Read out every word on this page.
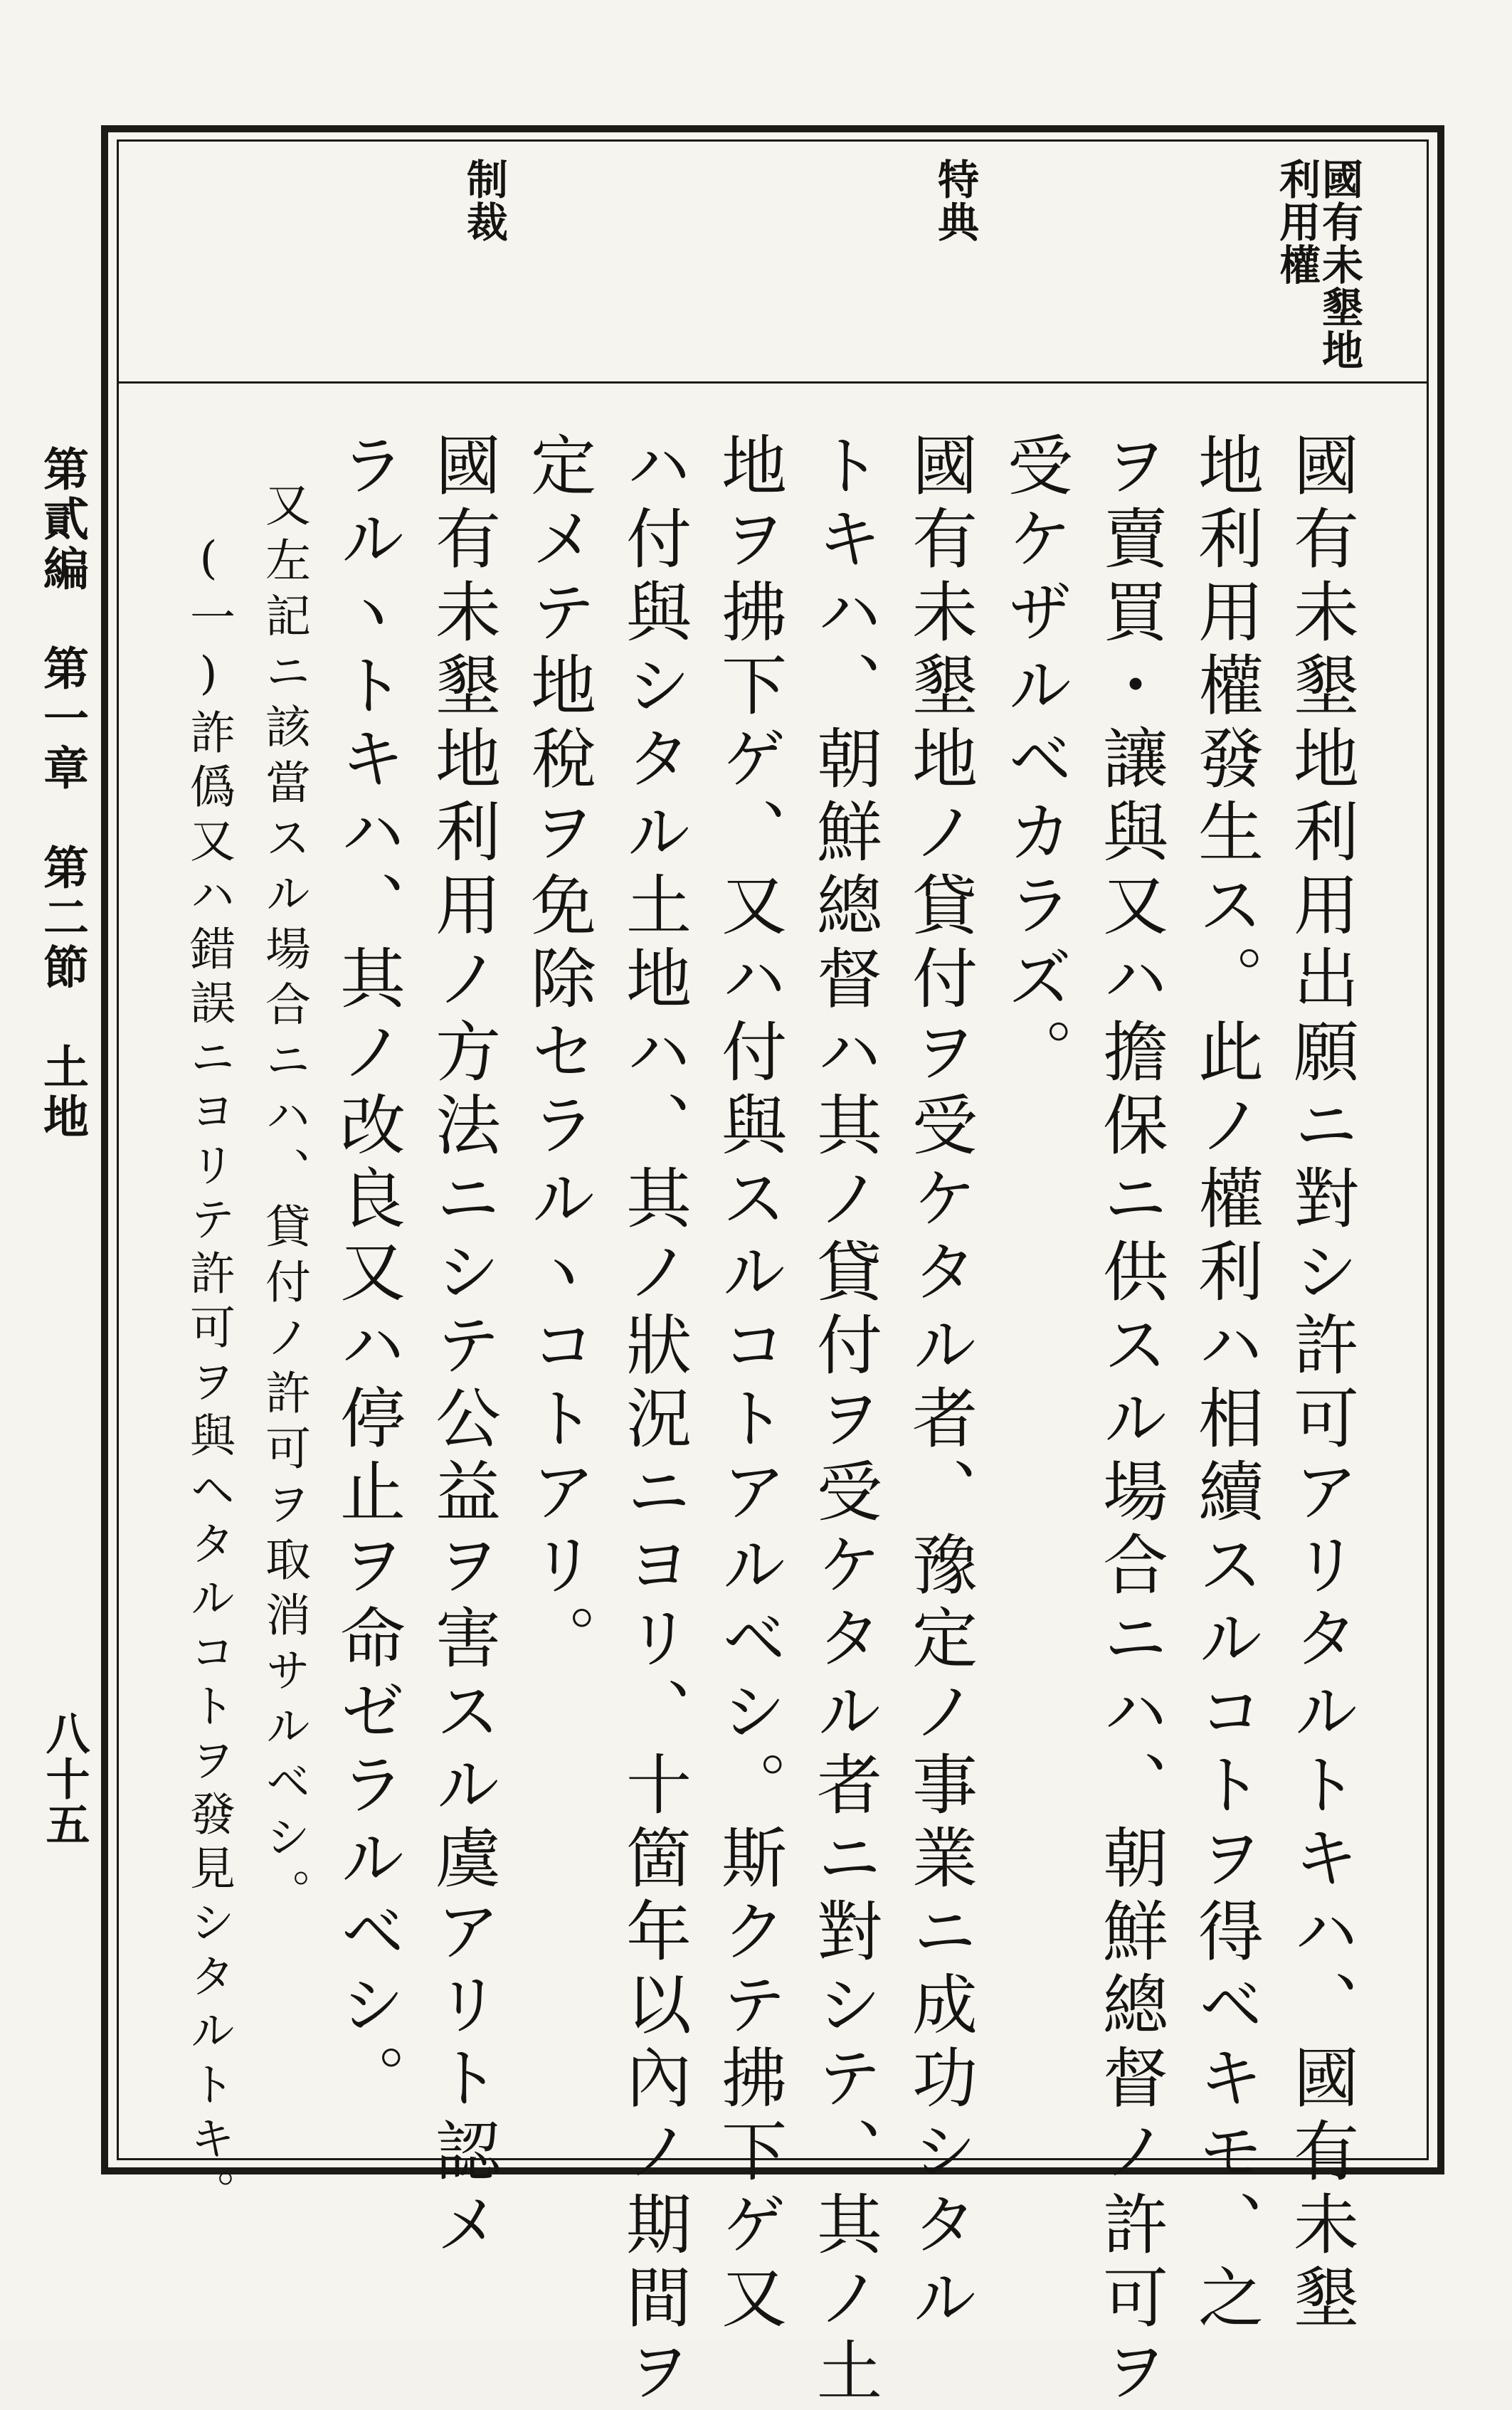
國有未墾地
利用權

特典

制裁

國有未墾地利用出願ニ對シ許可アリタルトキハ、國有未墾

地利用權發生ス。此ノ權利ハ相續スルコトヲ得ベキモ、之

ヲ賣買・讓與又ハ擔保ニ供スル場合ニハ、朝鮮總督ノ許可ヲ

受ケザルベカラズ。

國有未墾地ノ貸付ヲ受ケタル者、豫定ノ事業ニ成功シタル

トキハ、朝鮮總督ハ其ノ貸付ヲ受ケタル者ニ對シテ、其ノ土

地ヲ拂下ゲ、又ハ付與スルコトアルベシ。斯クテ拂下ゲ又

ハ付與シタル土地ハ、其ノ狀況ニヨリ、十箇年以內ノ期間ヲ

定メテ地稅ヲ免除セラルヽコトアリ。

國有未墾地利用ノ方法ニシテ公益ヲ害スル虞アリト認メ

ラルヽトキハ、其ノ改良又ハ停止ヲ命ゼラルベシ。

又左記ニ該當スル場合ニハ、貸付ノ許可ヲ取消サルベシ。

(一)詐僞又ハ錯誤ニヨリテ許可ヲ與ヘタルコトヲ發見シタルトキ。

第貳編　第一章　第二節　土地

八十五
